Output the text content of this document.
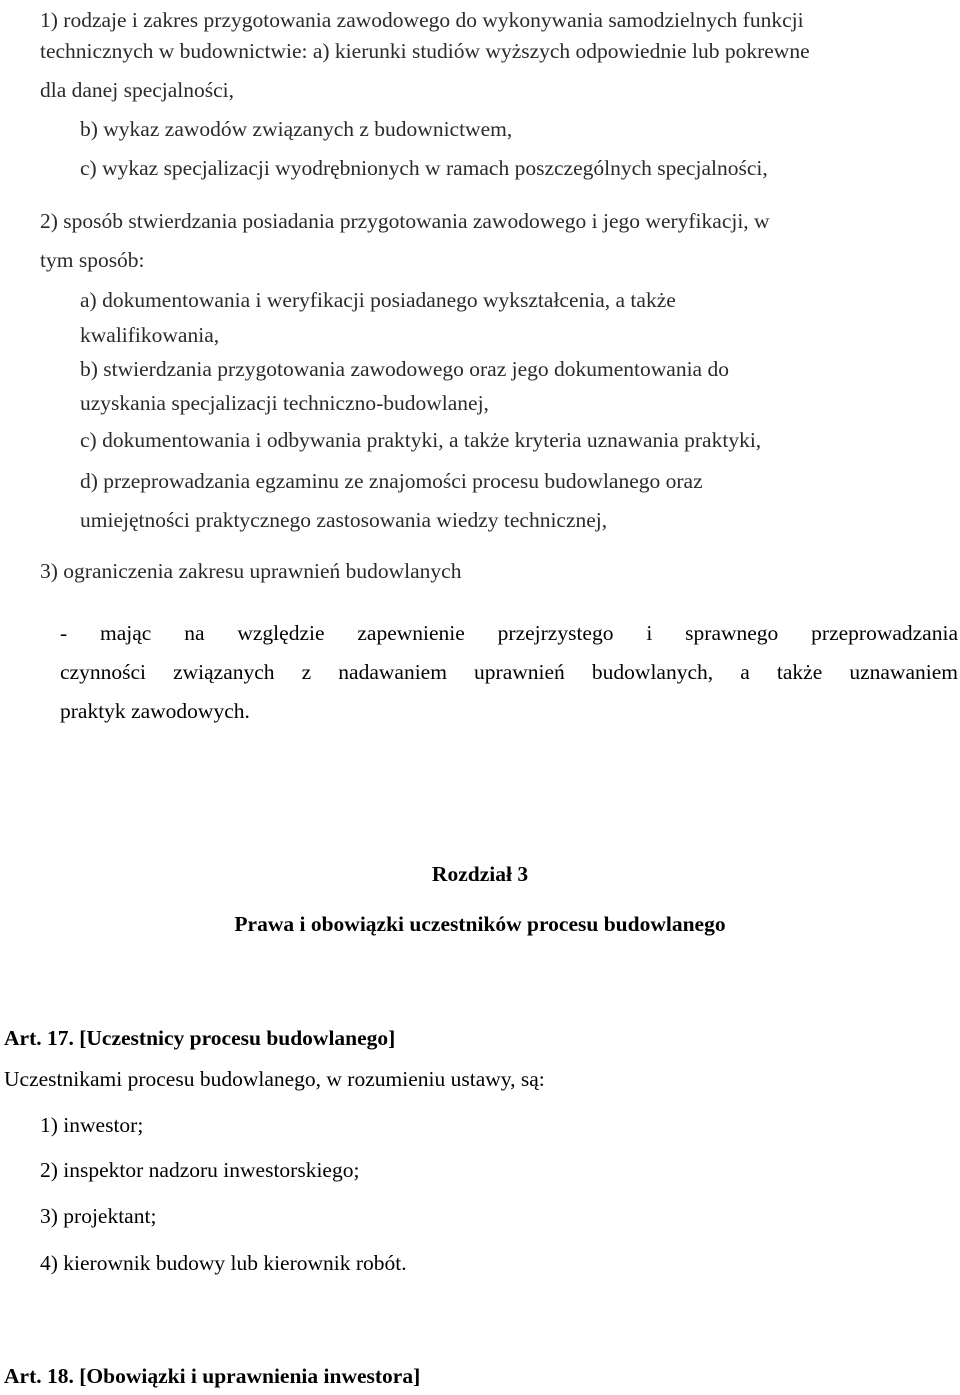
1) rodzaje i zakres przygotowania zawodowego do wykonywania samodzielnych funkcji
technicznych w budownictwie: a) kierunki studiów wyższych odpowiednie lub pokrewne
dla danej specjalności,
b) wykaz zawodów związanych z budownictwem,
c) wykaz specjalizacji wyodrębnionych w ramach poszczególnych specjalności,
2) sposób stwierdzania posiadania przygotowania zawodowego i jego weryfikacji, w
tym sposób:
a) dokumentowania i weryfikacji posiadanego wykształcenia, a także
kwalifikowania,
b) stwierdzania przygotowania zawodowego oraz jego dokumentowania do
uzyskania specjalizacji techniczno-budowlanej,
c) dokumentowania i odbywania praktyki, a także kryteria uznawania praktyki,
d) przeprowadzania egzaminu ze znajomości procesu budowlanego oraz
umiejętności praktycznego zastosowania wiedzy technicznej,
3) ograniczenia zakresu uprawnień budowlanych
- mając na względzie zapewnienie przejrzystego i sprawnego przeprowadzania
czynności związanych z nadawaniem uprawnień budowlanych, a także uznawaniem
praktyk zawodowych.
Rozdział 3
Prawa i obowiązki uczestników procesu budowlanego
Art. 17. [Uczestnicy procesu budowlanego]
Uczestnikami procesu budowlanego, w rozumieniu ustawy, są:
1) inwestor;
2) inspektor nadzoru inwestorskiego;
3) projektant;
4) kierownik budowy lub kierownik robót.
Art. 18. [Obowiązki i uprawnienia inwestora]
